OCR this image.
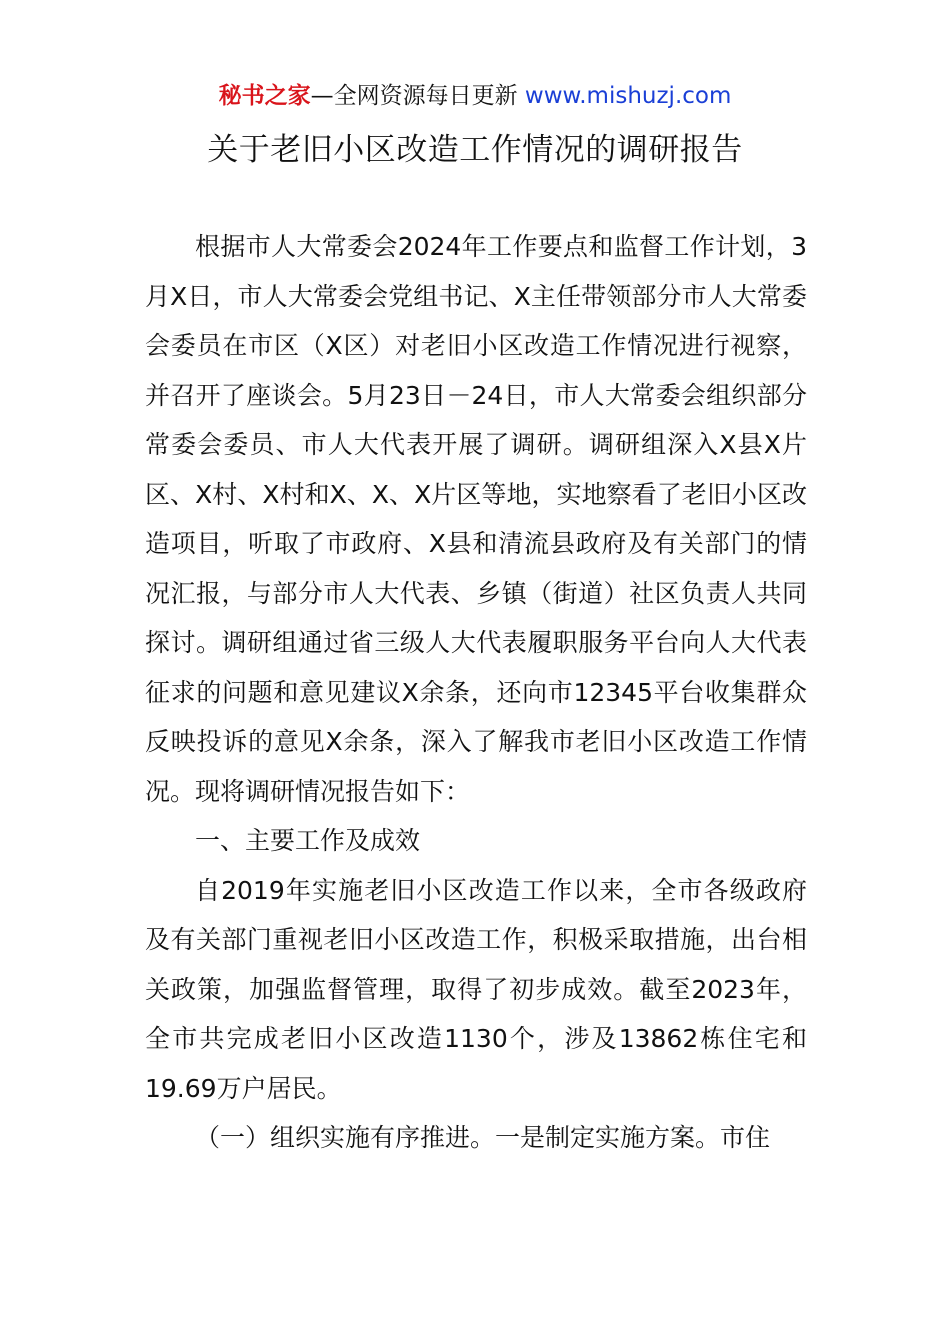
秘书之家—全网资源每日更新 www.mishuzj.com
关于老旧小区改造工作情况的调研报告

根据市人大常委会2024年工作要点和监督工作计划，3月X日，市人大常委会党组书记、X主任带领部分市人大常委会委员在市区（X区）对老旧小区改造工作情况进行视察，并召开了座谈会。5月23日－24日，市人大常委会组织部分常委会委员、市人大代表开展了调研。调研组深入X县X片区、X村、X村和X、X、X片区等地，实地察看了老旧小区改造项目，听取了市政府、X县和清流县政府及有关部门的情况汇报，与部分市人大代表、乡镇（街道）社区负责人共同探讨。调研组通过省三级人大代表履职服务平台向人大代表征求的问题和意见建议X余条，还向市12345平台收集群众反映投诉的意见X余条，深入了解我市老旧小区改造工作情况。现将调研情况报告如下：

一、主要工作及成效

自2019年实施老旧小区改造工作以来，全市各级政府及有关部门重视老旧小区改造工作，积极采取措施，出台相关政策，加强监督管理，取得了初步成效。截至2023年，全市共完成老旧小区改造1130个，涉及13862栋住宅和19.69万户居民。

（一）组织实施有序推进。一是制定实施方案。市住
